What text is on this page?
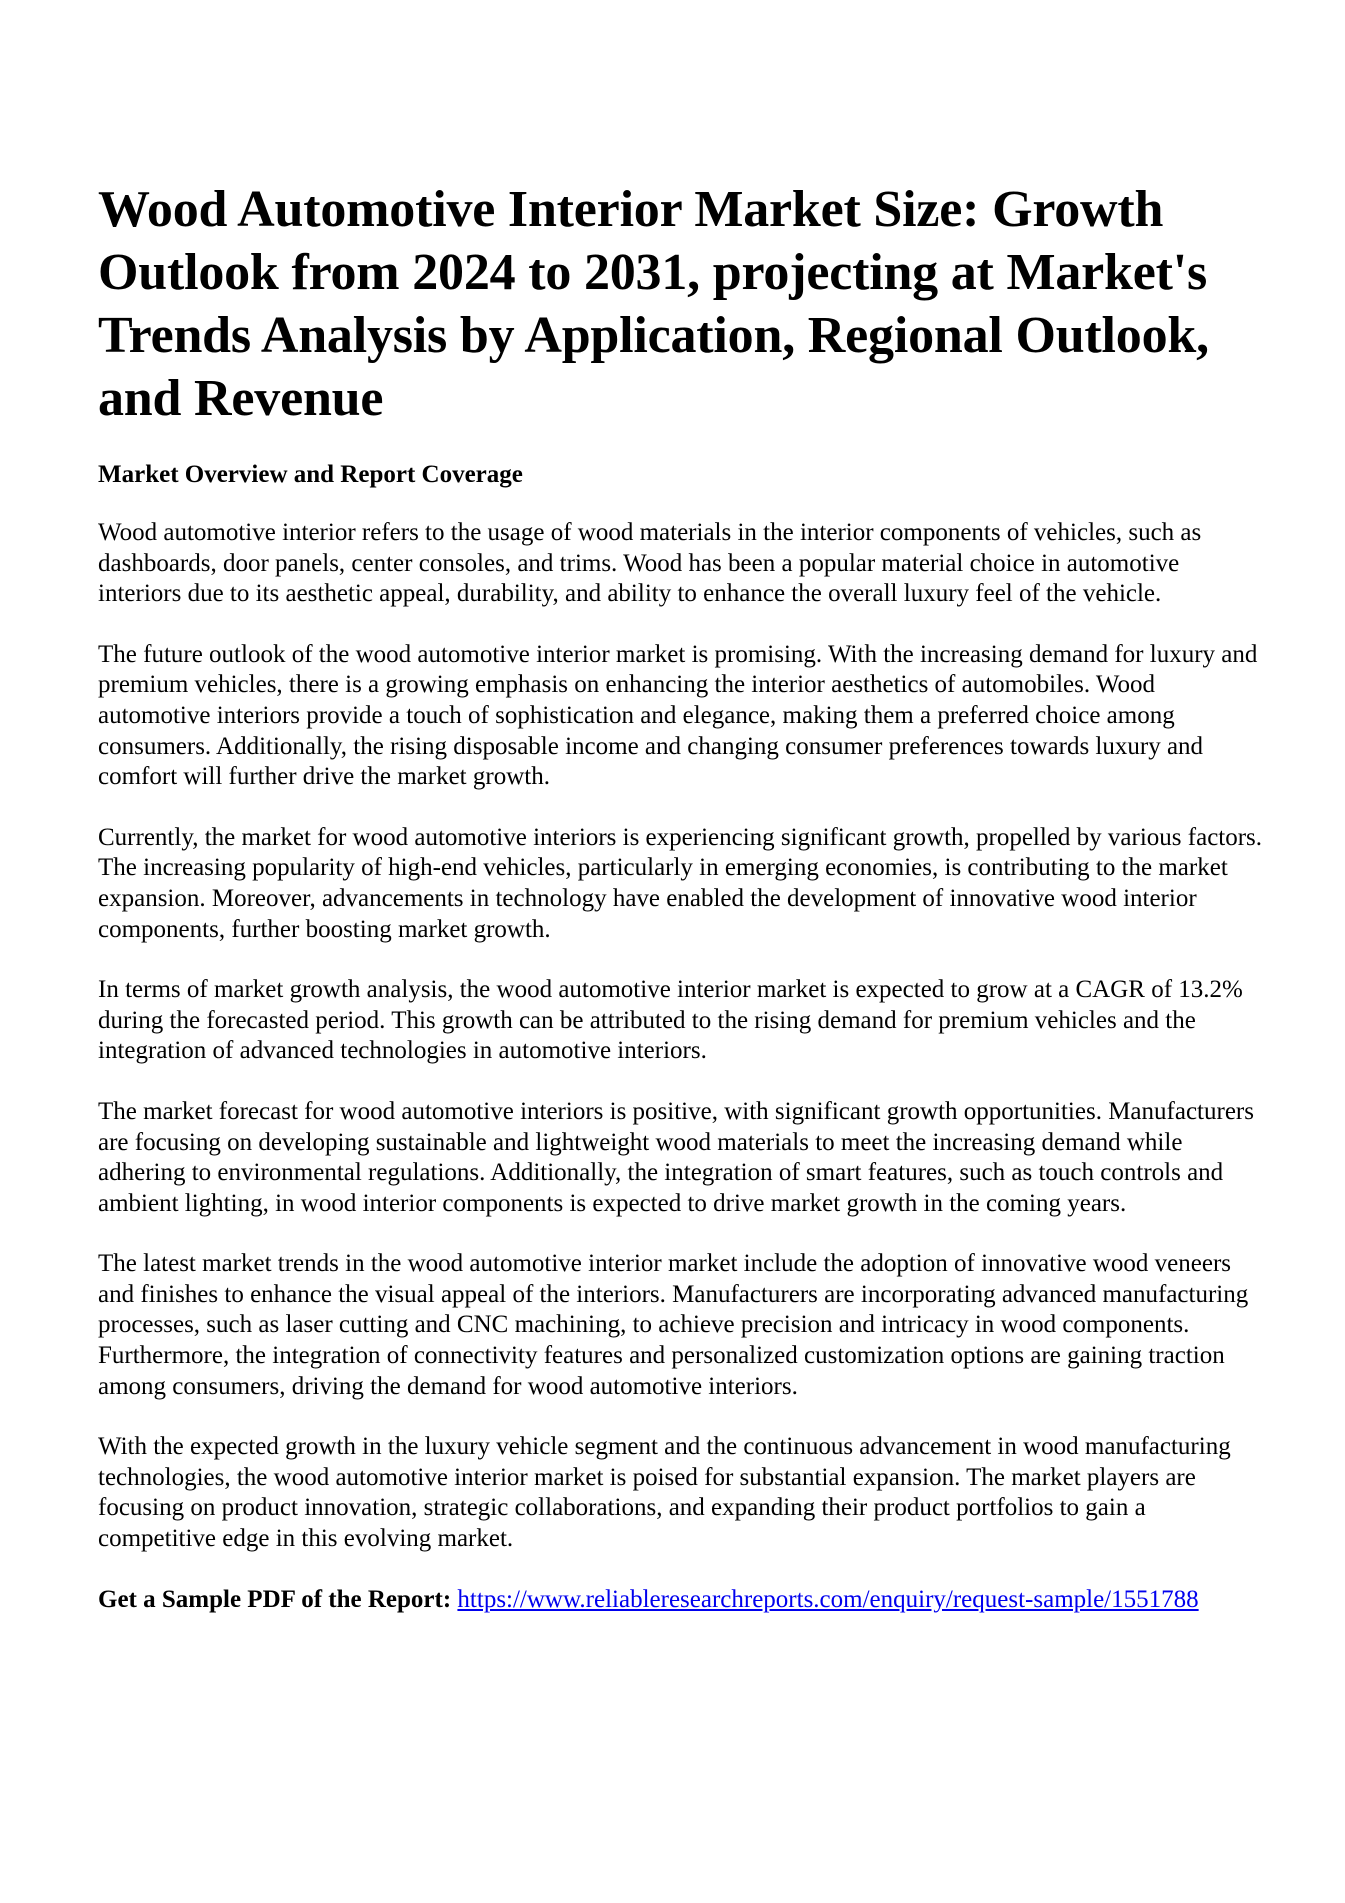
Wood Automotive Interior Market Size: Growth Outlook from 2024 to 2031, projecting at Market's Trends Analysis by Application, Regional Outlook, and Revenue
Market Overview and Report Coverage

Wood automotive interior refers to the usage of wood materials in the interior components of vehicles, such as dashboards, door panels, center consoles, and trims. Wood has been a popular material choice in automotive interiors due to its aesthetic appeal, durability, and ability to enhance the overall luxury feel of the vehicle.

The future outlook of the wood automotive interior market is promising. With the increasing demand for luxury and premium vehicles, there is a growing emphasis on enhancing the interior aesthetics of automobiles. Wood automotive interiors provide a touch of sophistication and elegance, making them a preferred choice among consumers. Additionally, the rising disposable income and changing consumer preferences towards luxury and comfort will further drive the market growth.

Currently, the market for wood automotive interiors is experiencing significant growth, propelled by various factors. The increasing popularity of high-end vehicles, particularly in emerging economies, is contributing to the market expansion. Moreover, advancements in technology have enabled the development of innovative wood interior components, further boosting market growth.

In terms of market growth analysis, the wood automotive interior market is expected to grow at a CAGR of 13.2% during the forecasted period. This growth can be attributed to the rising demand for premium vehicles and the integration of advanced technologies in automotive interiors.

The market forecast for wood automotive interiors is positive, with significant growth opportunities. Manufacturers are focusing on developing sustainable and lightweight wood materials to meet the increasing demand while adhering to environmental regulations. Additionally, the integration of smart features, such as touch controls and ambient lighting, in wood interior components is expected to drive market growth in the coming years.

The latest market trends in the wood automotive interior market include the adoption of innovative wood veneers and finishes to enhance the visual appeal of the interiors. Manufacturers are incorporating advanced manufacturing processes, such as laser cutting and CNC machining, to achieve precision and intricacy in wood components. Furthermore, the integration of connectivity features and personalized customization options are gaining traction among consumers, driving the demand for wood automotive interiors.

With the expected growth in the luxury vehicle segment and the continuous advancement in wood manufacturing technologies, the wood automotive interior market is poised for substantial expansion. The market players are focusing on product innovation, strategic collaborations, and expanding their product portfolios to gain a competitive edge in this evolving market.

Get a Sample PDF of the Report: https://www.reliableresearchreports.com/enquiry/request-sample/1551788
